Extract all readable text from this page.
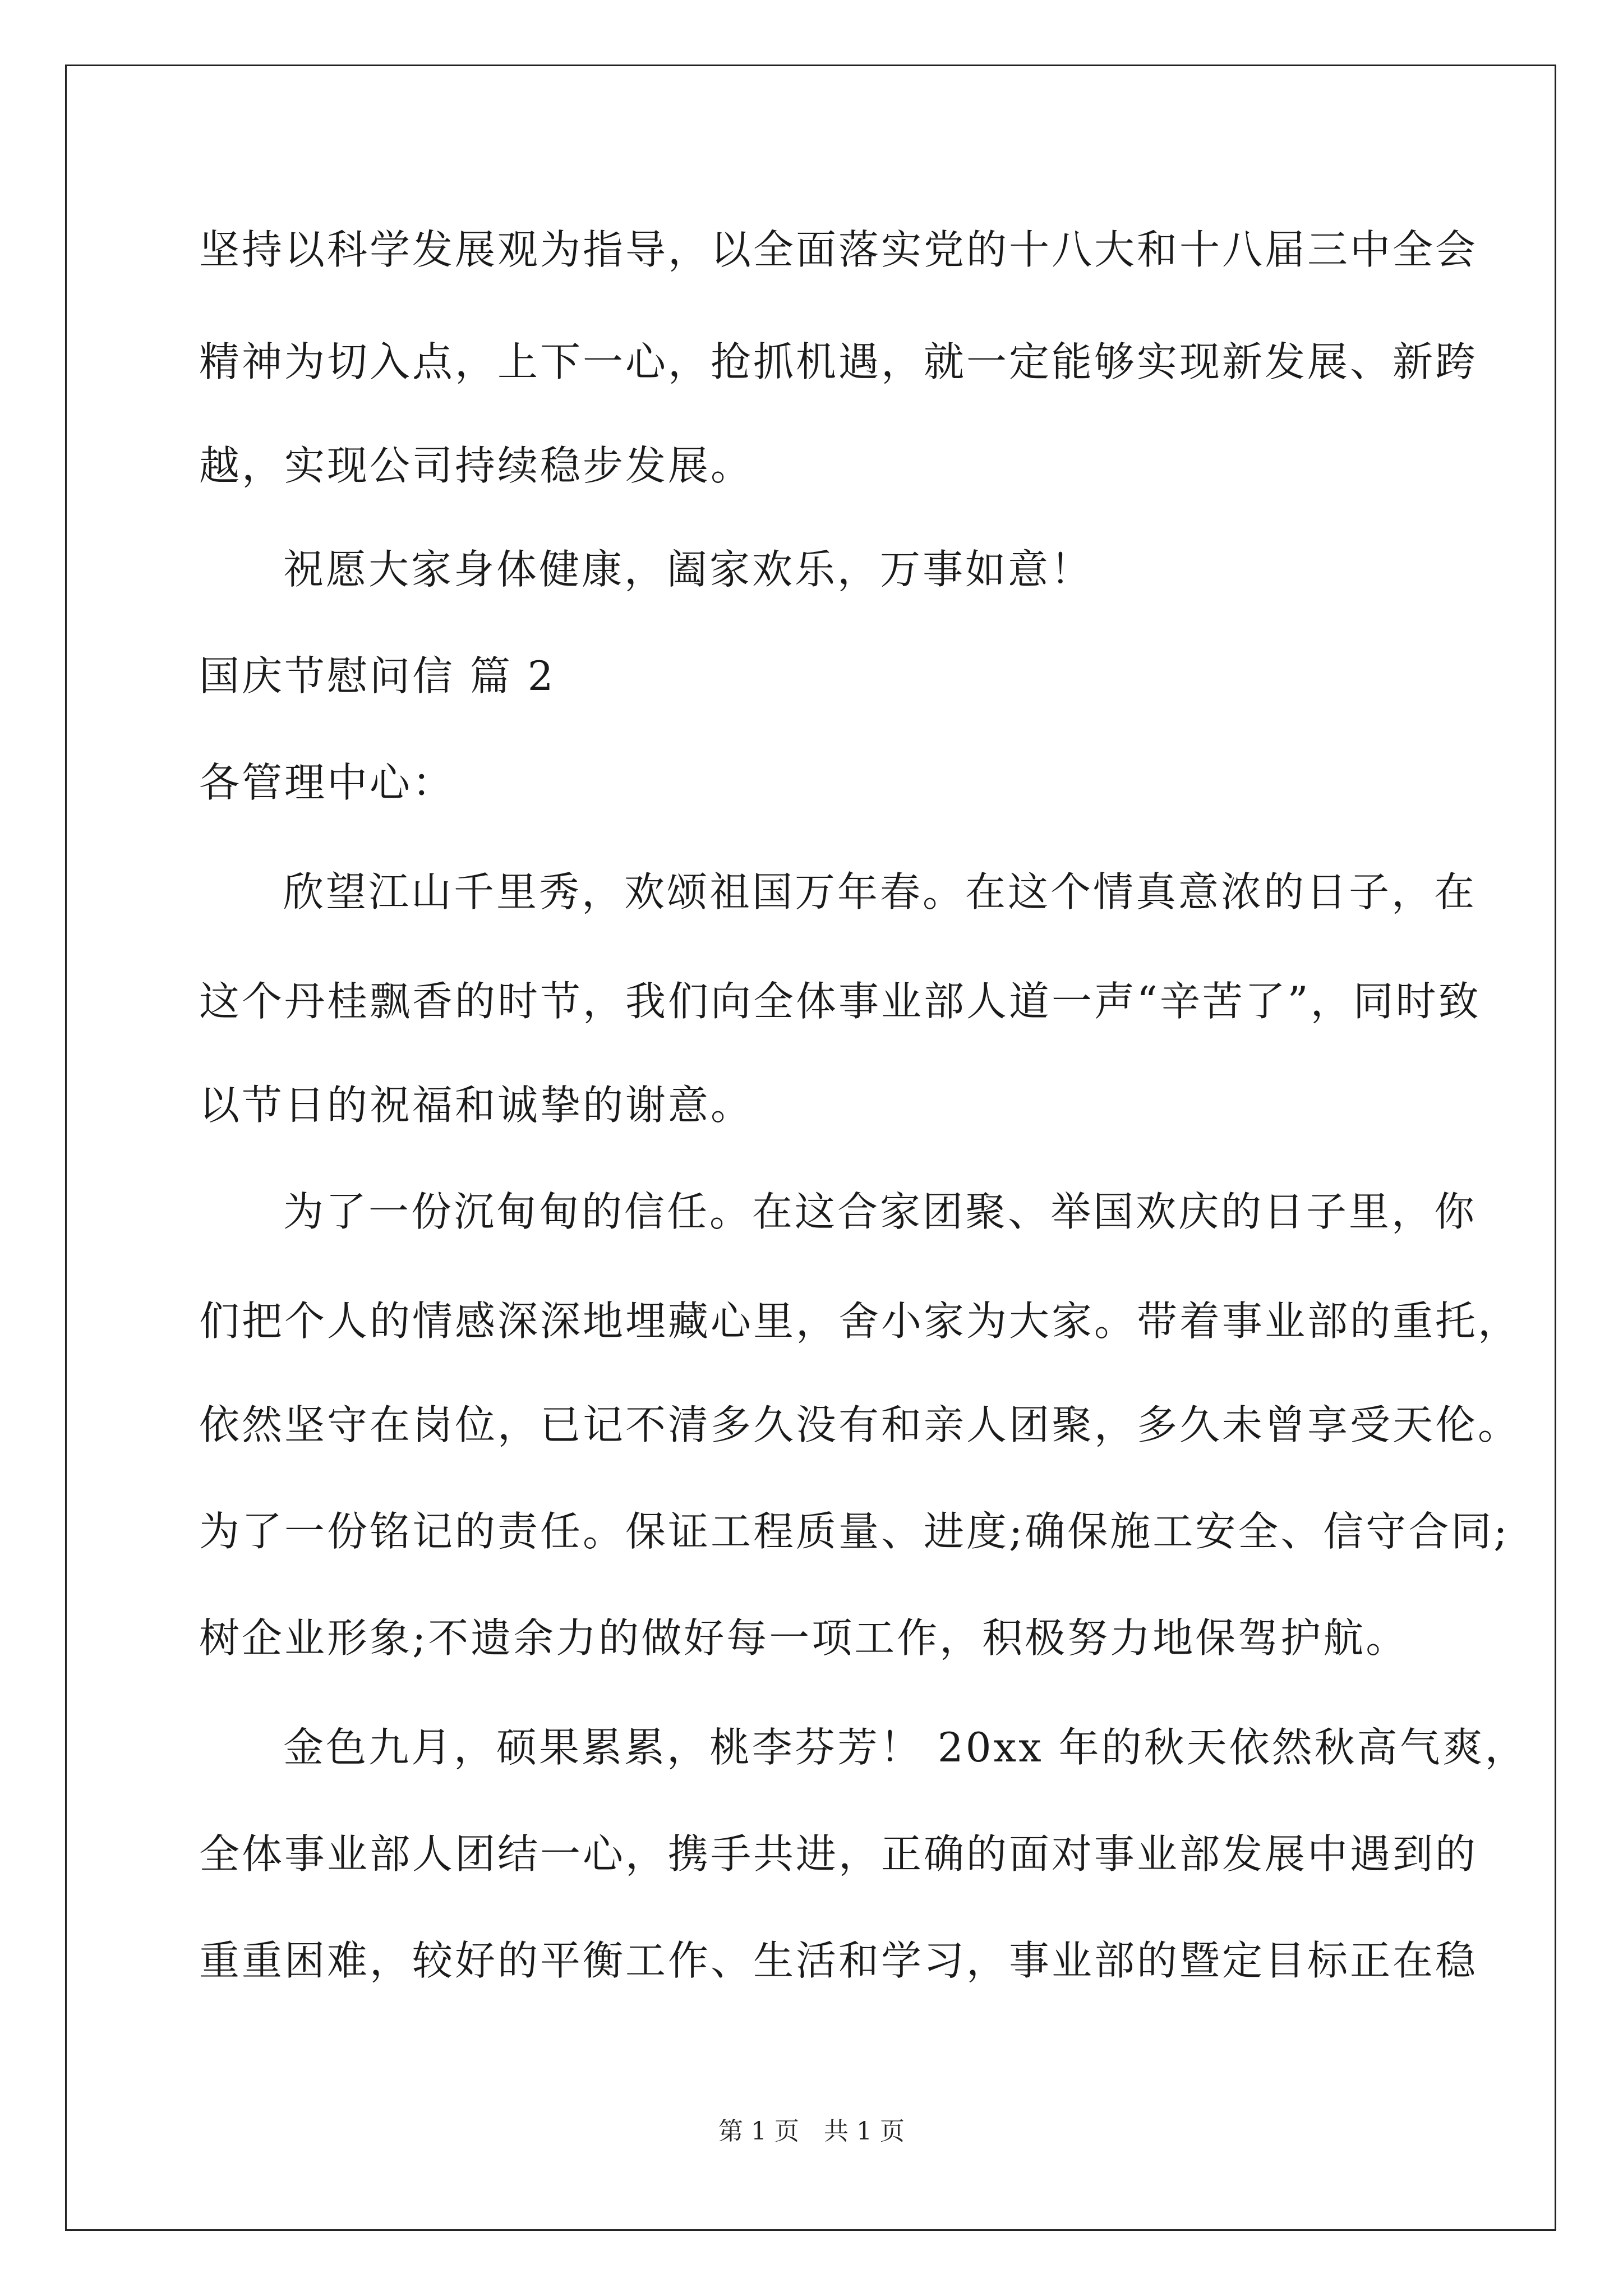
坚持以科学发展观为指导，以全面落实党的十八大和十八届三中全会
精神为切入点，上下一心，抢抓机遇，就一定能够实现新发展、新跨
越，实现公司持续稳步发展。
祝愿大家身体健康，阖家欢乐，万事如意！
国庆节慰问信 篇 2
各管理中心：
欣望江山千里秀，欢颂祖国万年春。在这个情真意浓的日子，在
这个丹桂飘香的时节，我们向全体事业部人道一声“辛苦了”，同时致
以节日的祝福和诚挚的谢意。
为了一份沉甸甸的信任。在这合家团聚、举国欢庆的日子里，你
们把个人的情感深深地埋藏心里，舍小家为大家。带着事业部的重托，
依然坚守在岗位，已记不清多久没有和亲人团聚，多久未曾享受天伦。
为了一份铭记的责任。保证工程质量、进度;确保施工安全、信守合同;
树企业形象;不遗余力的做好每一项工作，积极努力地保驾护航。
金色九月，硕果累累，桃李芬芳！ 20xx 年的秋天依然秋高气爽，
全体事业部人团结一心，携手共进，正确的面对事业部发展中遇到的
重重困难，较好的平衡工作、生活和学习，事业部的暨定目标正在稳
第 1 页　共 1 页
